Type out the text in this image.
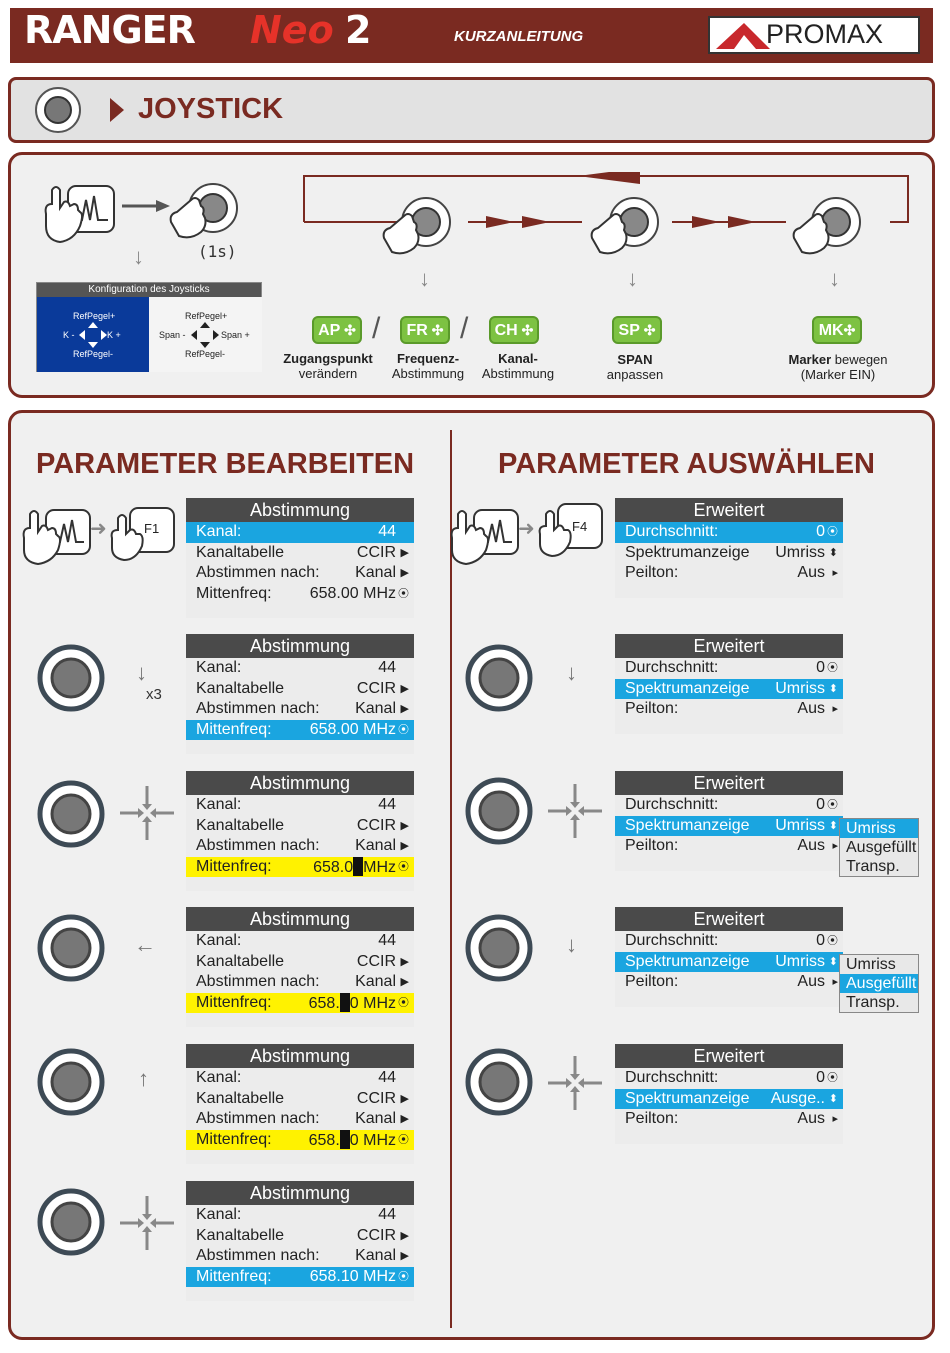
RANGER Neo 2	KURZANLEITUNG	PROMAX
JOYSTICK
(1s)
↓
Konfiguration des Joysticks
RefPegel+
K -	K +
RefPegel-
RefPegel+
Span -	Span +
RefPegel-
↓	↓	↓
AP ✣ /	FR ✣ /	CH ✣	SP ✣	MK✣
Zugangspunkt
verändern
Frequenz-
Abstimmung
Kanal-
Abstimmung
SPAN
anpassen
Marker bewegen
(Marker EIN)
PARAMETER BEARBEITEN	PARAMETER AUSWÄHLEN
➜	F1
↓
x3
←
↑
Abstimmung
Kanal:	44
Kanaltabelle	CCIR ▶
Abstimmen nach: Kanal ▶
Mittenfreq: 658.00 MHz ⦿
Abstimmung
Kanal:	44
Kanaltabelle	CCIR ▶
Abstimmen nach: Kanal ▶
Mittenfreq: 658.00 MHz ⦿
Abstimmung
Kanal:	44
Kanaltabelle	CCIR ▶
Abstimmen nach: Kanal ▶
Mittenfreq:	658.0 MHz ⦿
Abstimmung
Kanal:	44
Kanaltabelle	CCIR ▶
Abstimmen nach: Kanal ▶
Mittenfreq: 658. 0 MHz ⦿
Abstimmung
Kanal:	44
Kanaltabelle	CCIR ▶
Abstimmen nach: Kanal ▶
Mittenfreq: 658. 0 MHz ⦿
Abstimmung
Kanal:	44
Kanaltabelle	CCIR ▶
Abstimmen nach: Kanal ▶
Mittenfreq: 658.10 MHz ⦿
➜	F4
↓
↓
Erweitert
Durchschnitt:	0 ⦿
Spektrumanzeige Umriss ⬍
Peilton:	Aus ▸
Erweitert
Durchschnitt:	0 ⦿
Spektrumanzeige Umriss ⬍
Peilton:	Aus ▸
Erweitert
Durchschnitt:	0 ⦿
Spektrumanzeige Umriss ⬍
Peilton:	Aus ▸
Umriss
Ausgefüllt
Transp.
Erweitert
Durchschnitt:	0 ⦿
Spektrumanzeige Umriss ⬍
Peilton:	Aus ▸
Umriss
Ausgefüllt
Transp.
Erweitert
Durchschnitt:	0 ⦿
Spektrumanzeige Ausge.. ⬍
Peilton:	Aus ▸
